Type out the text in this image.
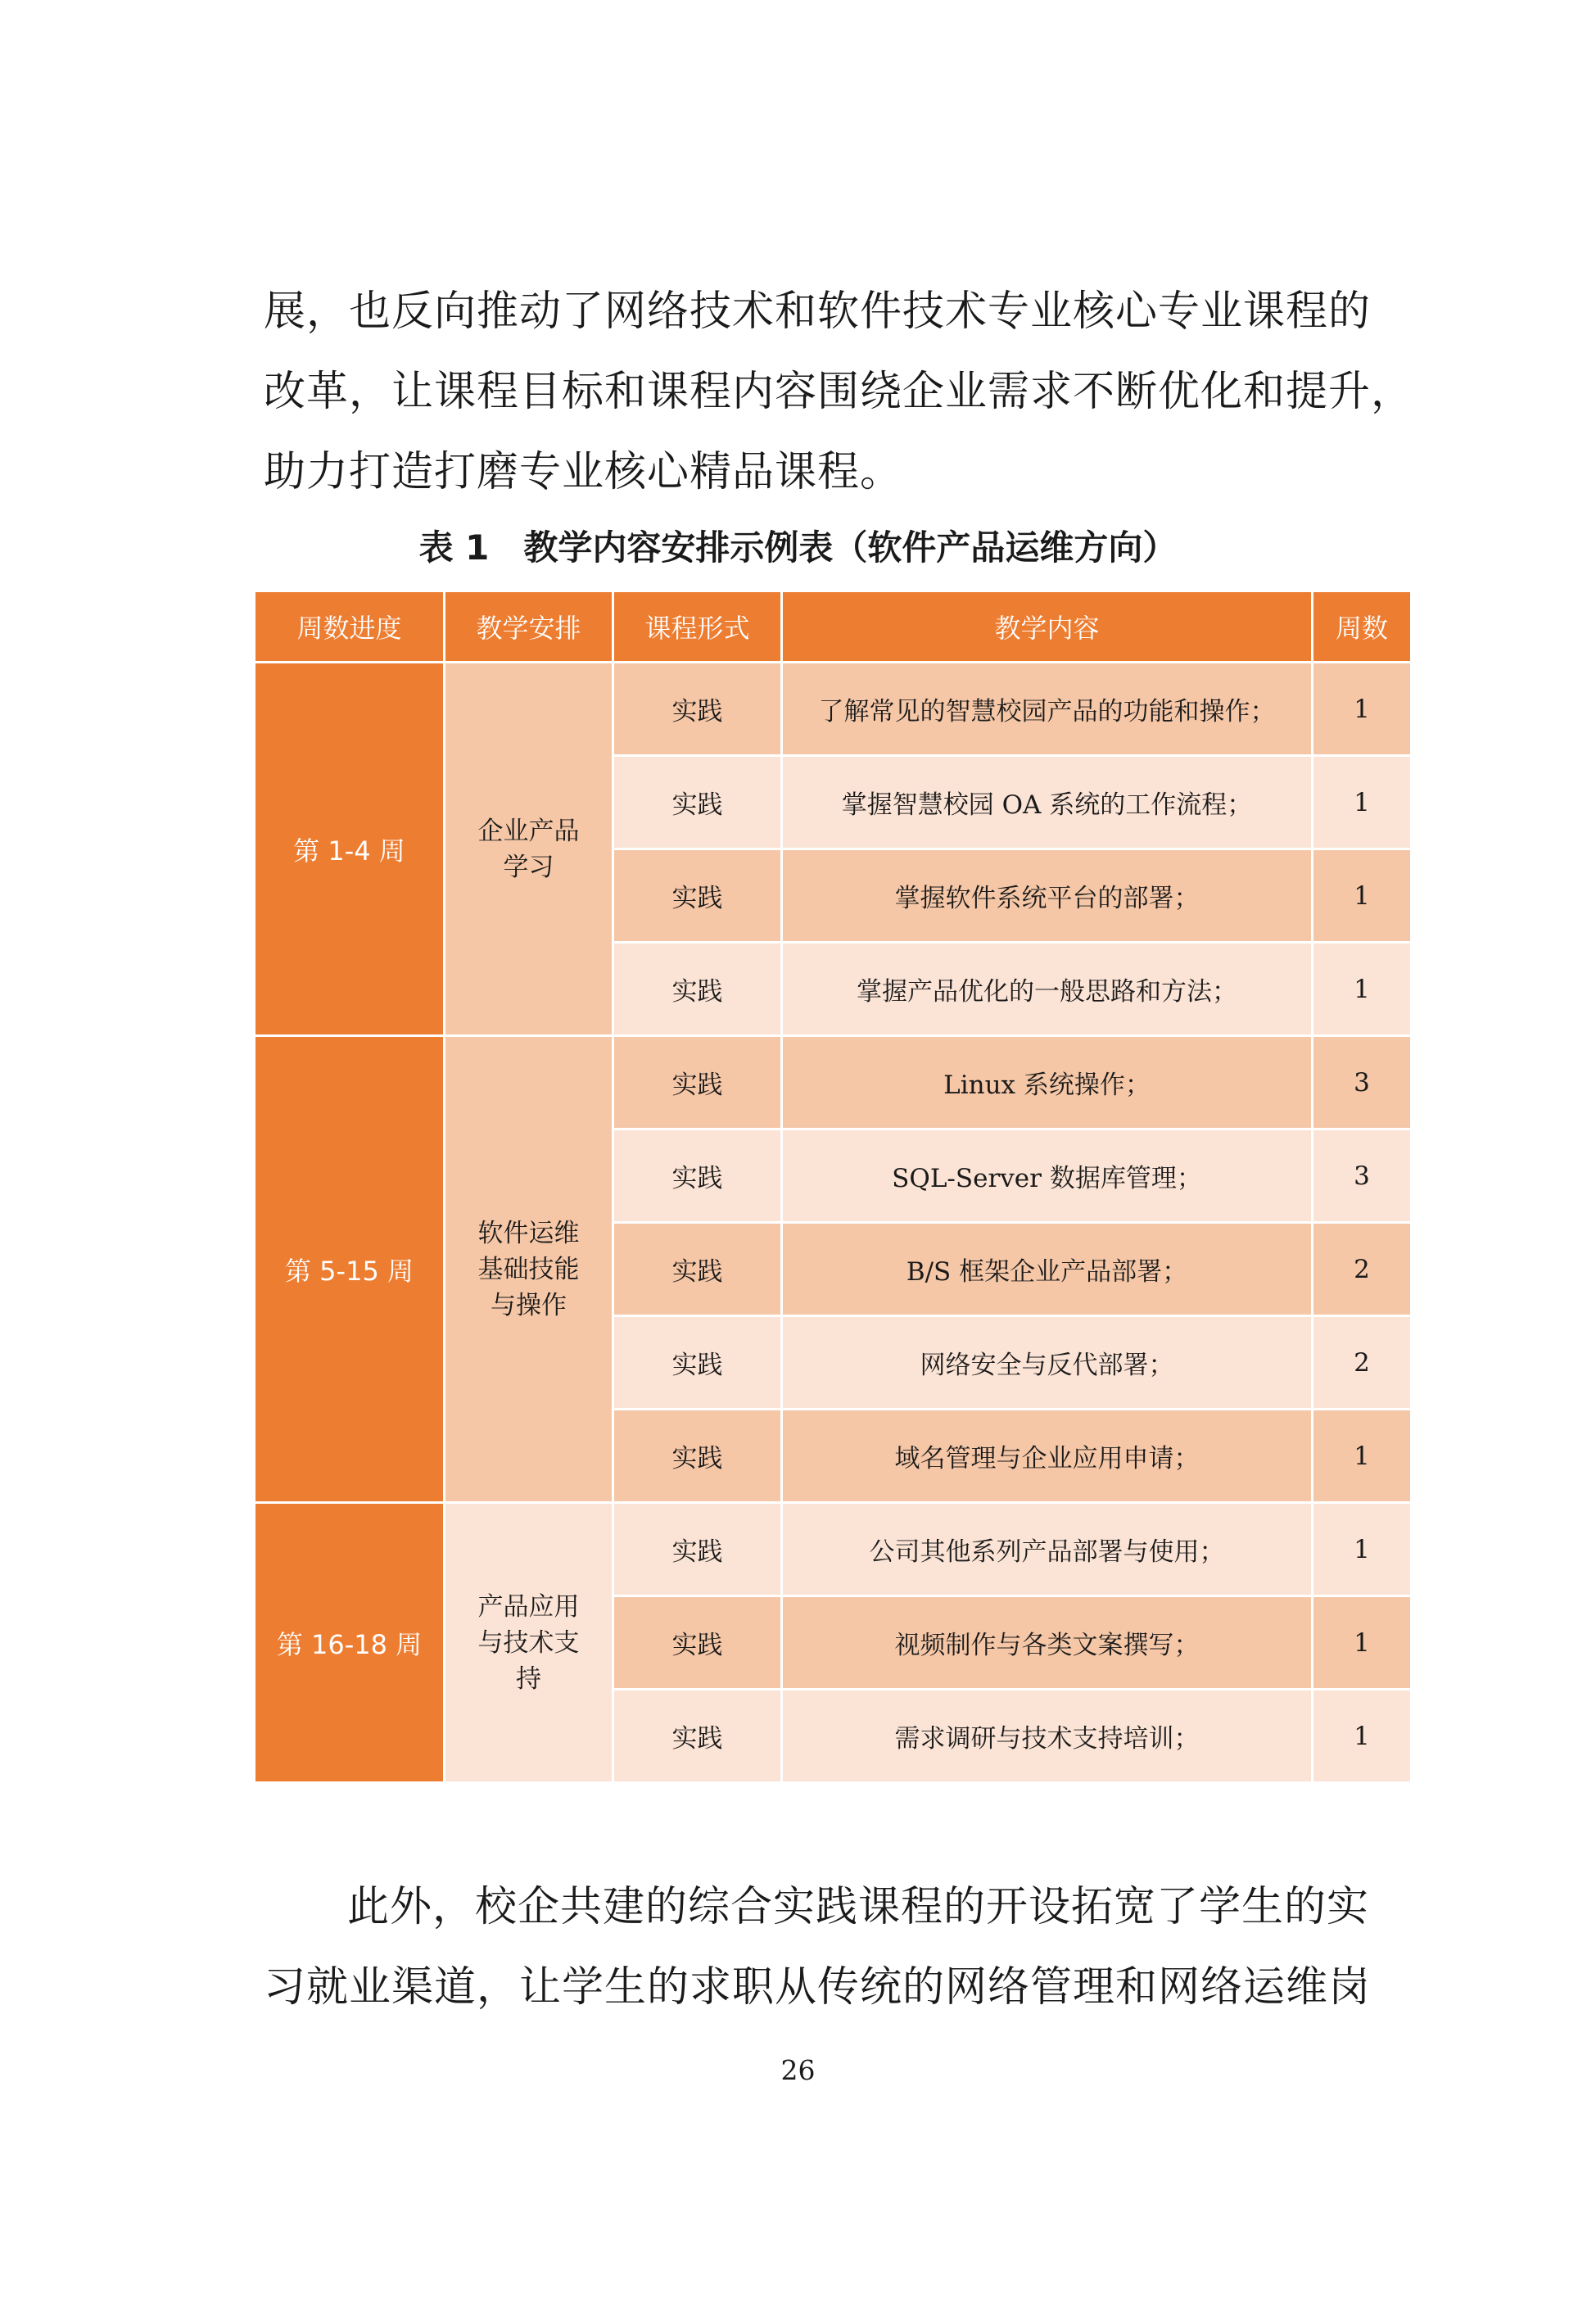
展，也反向推动了网络技术和软件技术专业核心专业课程的
改革，让课程目标和课程内容围绕企业需求不断优化和提升，
助力打造打磨专业核心精品课程。
表 1　教学内容安排示例表（软件产品运维方向）
周数进度	教学安排	课程形式	教学内容	周数
第 1-4 周	企业产品学习	实践	了解常见的智慧校园产品的功能和操作；	1
		实践	掌握智慧校园 OA 系统的工作流程；	1
		实践	掌握软件系统平台的部署；	1
		实践	掌握产品优化的一般思路和方法；	1
第 5-15 周	软件运维基础技能与操作	实践	Linux 系统操作；	3
		实践	SQL-Server 数据库管理；	3
		实践	B/S 框架企业产品部署；	2
		实践	网络安全与反代部署；	2
		实践	域名管理与企业应用申请；	1
第 16-18 周	产品应用与技术支持	实践	公司其他系列产品部署与使用；	1
		实践	视频制作与各类文案撰写；	1
		实践	需求调研与技术支持培训；	1
此外，校企共建的综合实践课程的开设拓宽了学生的实
习就业渠道，让学生的求职从传统的网络管理和网络运维岗
26
